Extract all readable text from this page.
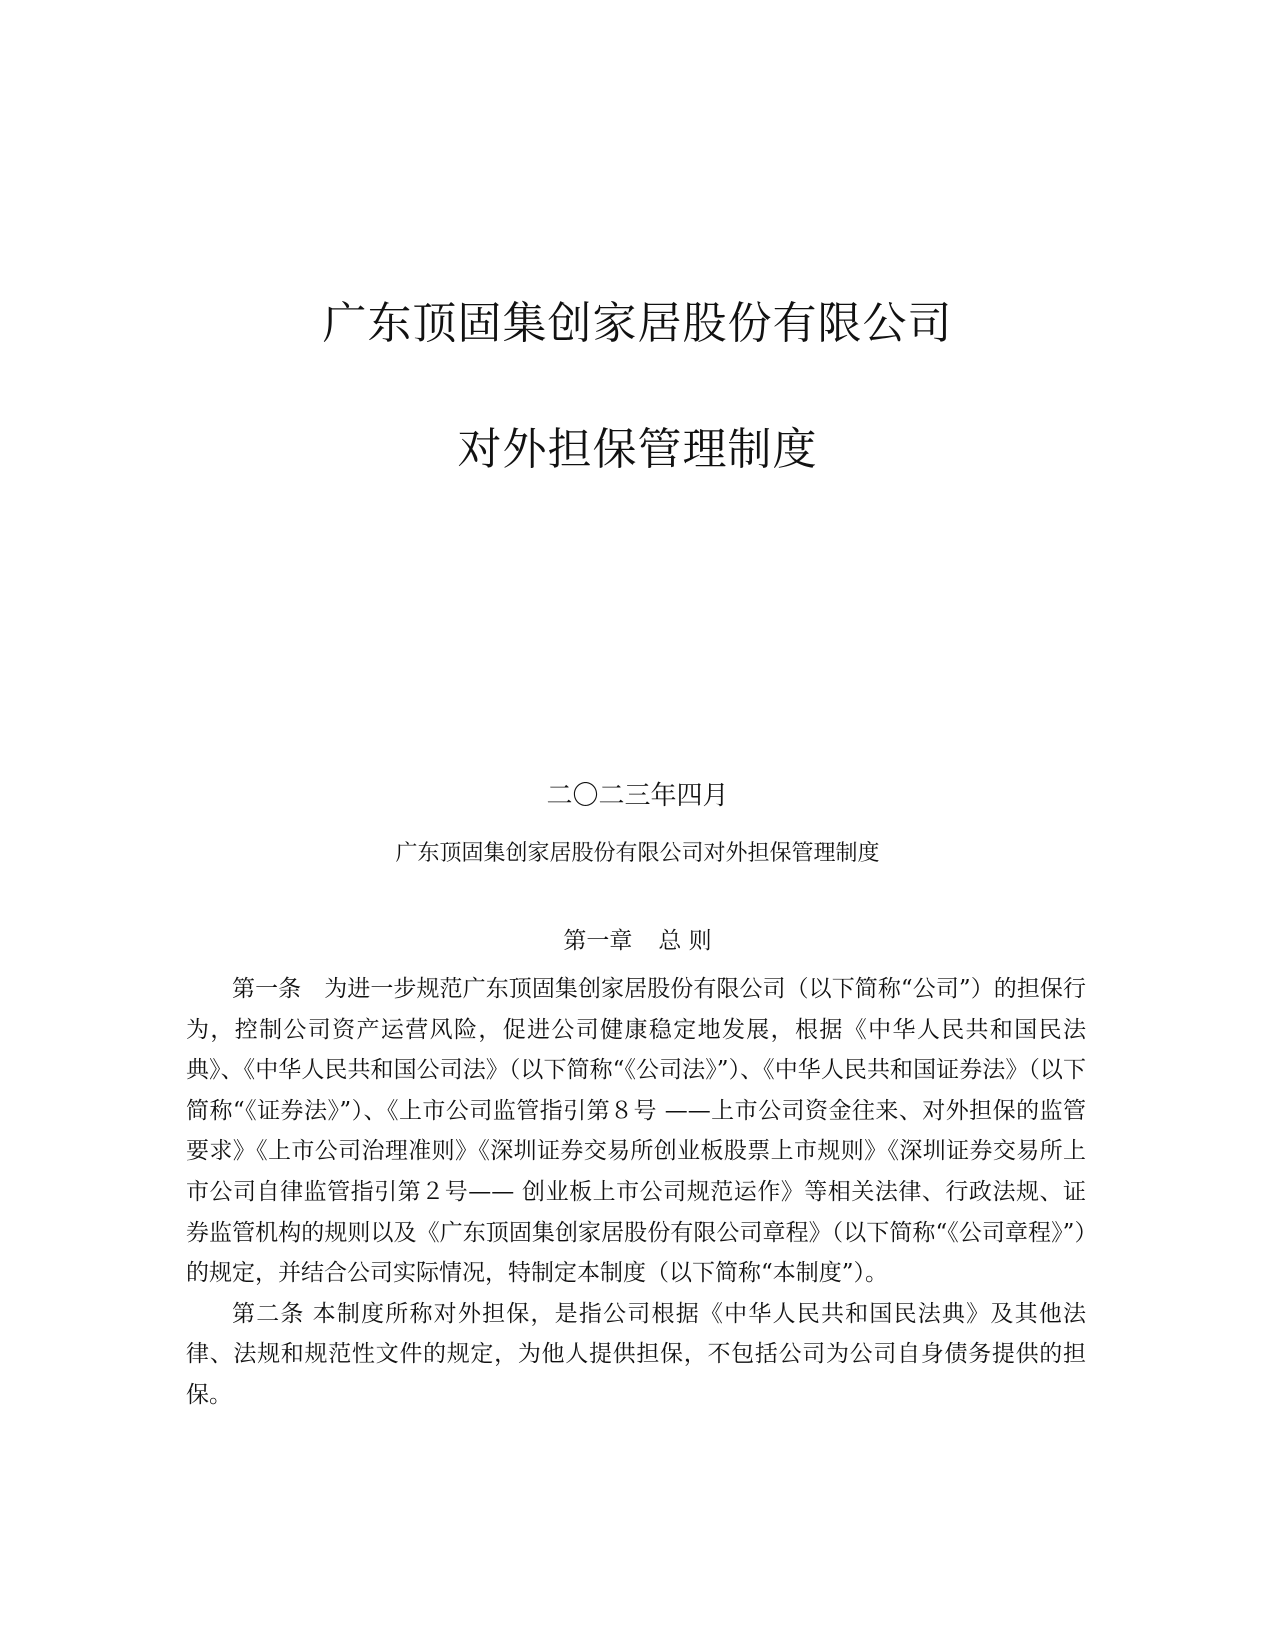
广东顶固集创家居股份有限公司
对外担保管理制度
二〇二三年四月
广东顶固集创家居股份有限公司对外担保管理制度
第一章 总 则

第一条 为进一步规范广东顶固集创家居股份有限公司（以下简称“公司”）的担保行为，控制公司资产运营风险，促进公司健康稳定地发展，根据《中华人民共和国民法典》、《中华人民共和国公司法》（以下简称“《公司法》”）、《中华人民共和国证券法》（以下简称“《证券法》”）、《上市公司监管指引第８号 ——上市公司资金往来、对外担保的监管要求》《上市公司治理准则》《深圳证券交易所创业板股票上市规则》《深圳证券交易所上市公司自律监管指引第２号—— 创业板上市公司规范运作》等相关法律、行政法规、证券监管机构的规则以及《广东顶固集创家居股份有限公司章程》（以下简称“《公司章程》”）的规定，并结合公司实际情况，特制定本制度（以下简称“本制度”）。

第二条 本制度所称对外担保，是指公司根据《中华人民共和国民法典》及其他法律、法规和规范性文件的规定，为他人提供担保，不包括公司为公司自身债务提供的担保。
